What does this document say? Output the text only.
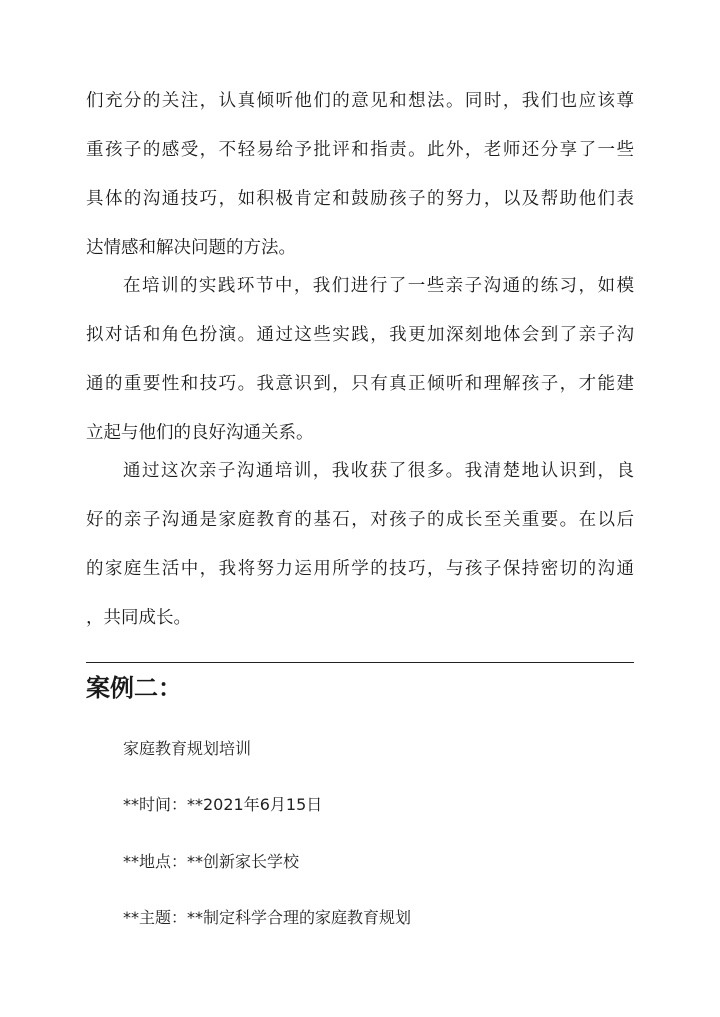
们充分的关注，认真倾听他们的意见和想法。同时，我们也应该尊
重孩子的感受，不轻易给予批评和指责。此外，老师还分享了一些
具体的沟通技巧，如积极肯定和鼓励孩子的努力，以及帮助他们表
达情感和解决问题的方法。
在培训的实践环节中，我们进行了一些亲子沟通的练习，如模
拟对话和角色扮演。通过这些实践，我更加深刻地体会到了亲子沟
通的重要性和技巧。我意识到，只有真正倾听和理解孩子，才能建
立起与他们的良好沟通关系。
通过这次亲子沟通培训，我收获了很多。我清楚地认识到，良
好的亲子沟通是家庭教育的基石，对孩子的成长至关重要。在以后
的家庭生活中，我将努力运用所学的技巧，与孩子保持密切的沟通
，共同成长。
案例二：

家庭教育规划培训

**时间：**2021年6月15日

**地点：**创新家长学校

**主题：**制定科学合理的家庭教育规划
